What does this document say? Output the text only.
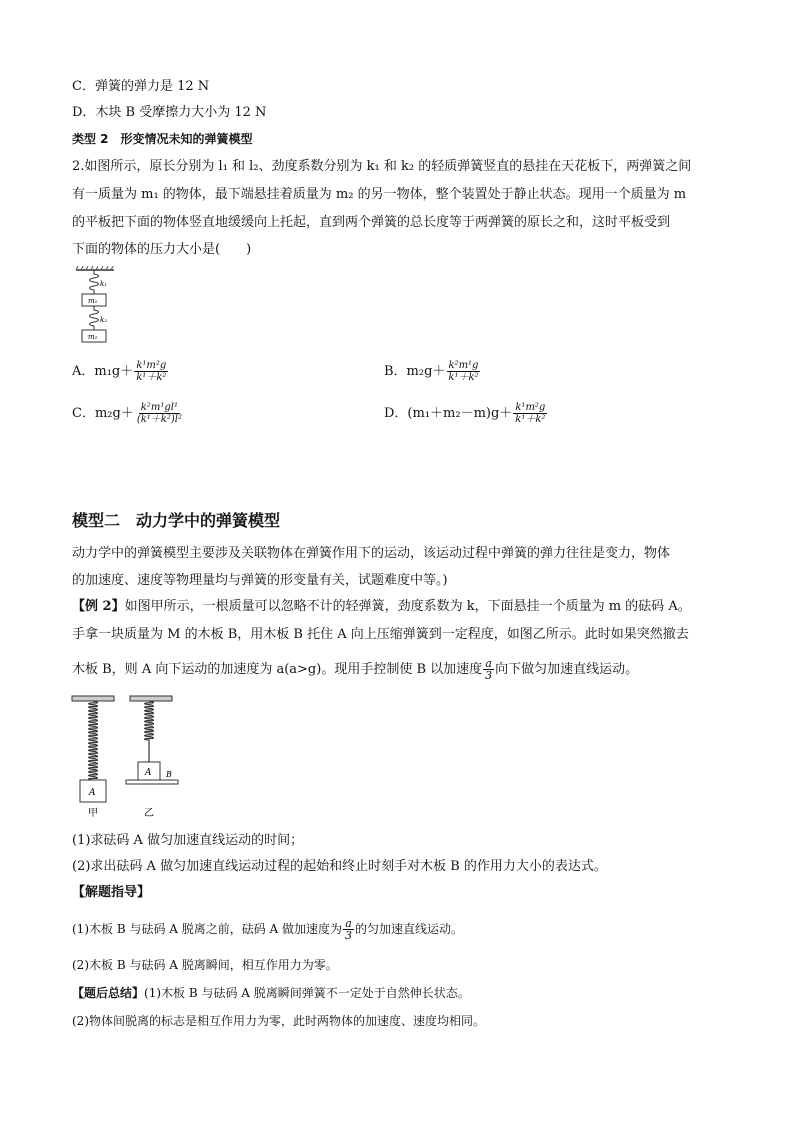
C．弹簧的弹力是 12 N
D．木块 B 受摩擦力大小为 12 N
类型 2　形变情况未知的弹簧模型
2.如图所示，原长分别为 l₁ 和 l₂、劲度系数分别为 k₁ 和 k₂ 的轻质弹簧竖直的悬挂在天花板下，两弹簧之间
有一质量为 m₁ 的物体，最下端悬挂着质量为 m₂ 的另一物体，整个装置处于静止状态。现用一个质量为 m
的平板把下面的物体竖直地缓缓向上托起，直到两个弹簧的总长度等于两弹簧的原长之和，这时平板受到
下面的物体的压力大小是(　　)
k₁
m₁
k₂
m₂
A．$m_1g+ \frac{\text{k¹m²g}}{\text{k¹＋k²}}$	B．$m_2g+ \frac{\text{k²m¹g}}{\text{k¹＋k²}}$
C．$m_2g+ \frac{\text{k²m¹gl¹}}{\text{(k¹＋k²)l²}}$	D．$(m_1+m_2-m)g+ \frac{\text{k¹m²g}}{\text{k¹＋k²}}$
模型二　动力学中的弹簧模型
动力学中的弹簧模型主要涉及关联物体在弹簧作用下的运动，该运动过程中弹簧的弹力往往是变力，物体
的加速度、速度等物理量均与弹簧的形变量有关，试题难度中等。)
【例 2】如图甲所示，一根质量可以忽略不计的轻弹簧，劲度系数为 k，下面悬挂一个质量为 m 的砝码 A。
手拿一块质量为 M 的木板 B，用木板 B 托住 A 向上压缩弹簧到一定程度，如图乙所示。此时如果突然撤去
木板 B，则 A 向下运动的加速度为 a(a>g)。现用手控制使 B 以加速度 $\frac{a}{3}$ 向下做匀加速直线运动。
A
A B
甲	乙
(1)求砝码 A 做匀加速直线运动的时间；
(2)求出砝码 A 做匀加速直线运动过程的起始和终止时刻手对木板 B 的作用力大小的表达式。
【解题指导】
(1)木板 B 与砝码 A 脱离之前，砝码 A 做加速度为 $\frac{a}{3}$ 的匀加速直线运动。
(2)木板 B 与砝码 A 脱离瞬间，相互作用力为零。
【题后总结】(1)木板 B 与砝码 A 脱离瞬间弹簧不一定处于自然伸长状态。
(2)物体间脱离的标志是相互作用力为零，此时两物体的加速度、速度均相同。
